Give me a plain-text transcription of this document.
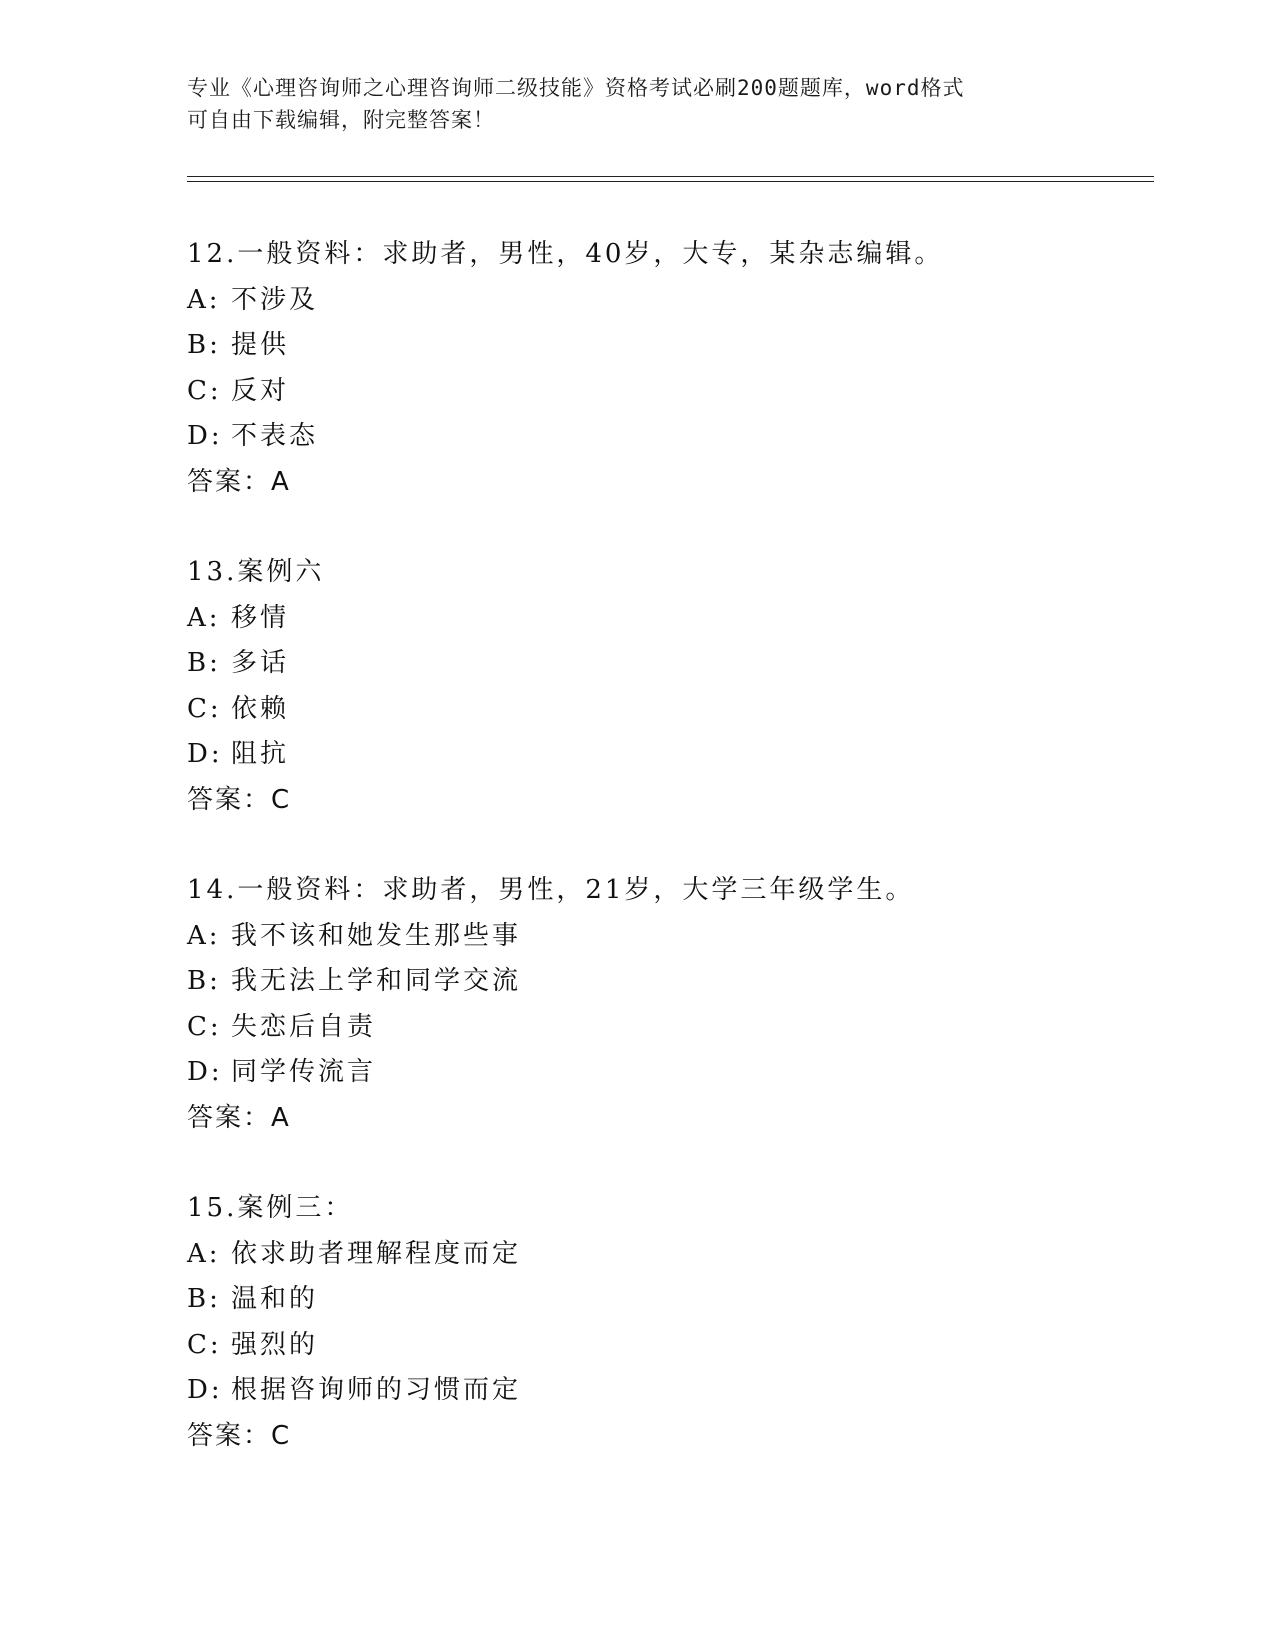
专业《心理咨询师之心理咨询师二级技能》资格考试必刷200题题库，word格式
可自由下载编辑，附完整答案！
12.一般资料：求助者，男性，40岁，大专，某杂志编辑。
A: 不涉及
B: 提供
C: 反对
D: 不表态
答案：A
13.案例六
A: 移情
B: 多话
C: 依赖
D: 阻抗
答案：C
14.一般资料：求助者，男性，21岁，大学三年级学生。
A: 我不该和她发生那些事
B: 我无法上学和同学交流
C: 失恋后自责
D: 同学传流言
答案：A
15.案例三：
A: 依求助者理解程度而定
B: 温和的
C: 强烈的
D: 根据咨询师的习惯而定
答案：C
